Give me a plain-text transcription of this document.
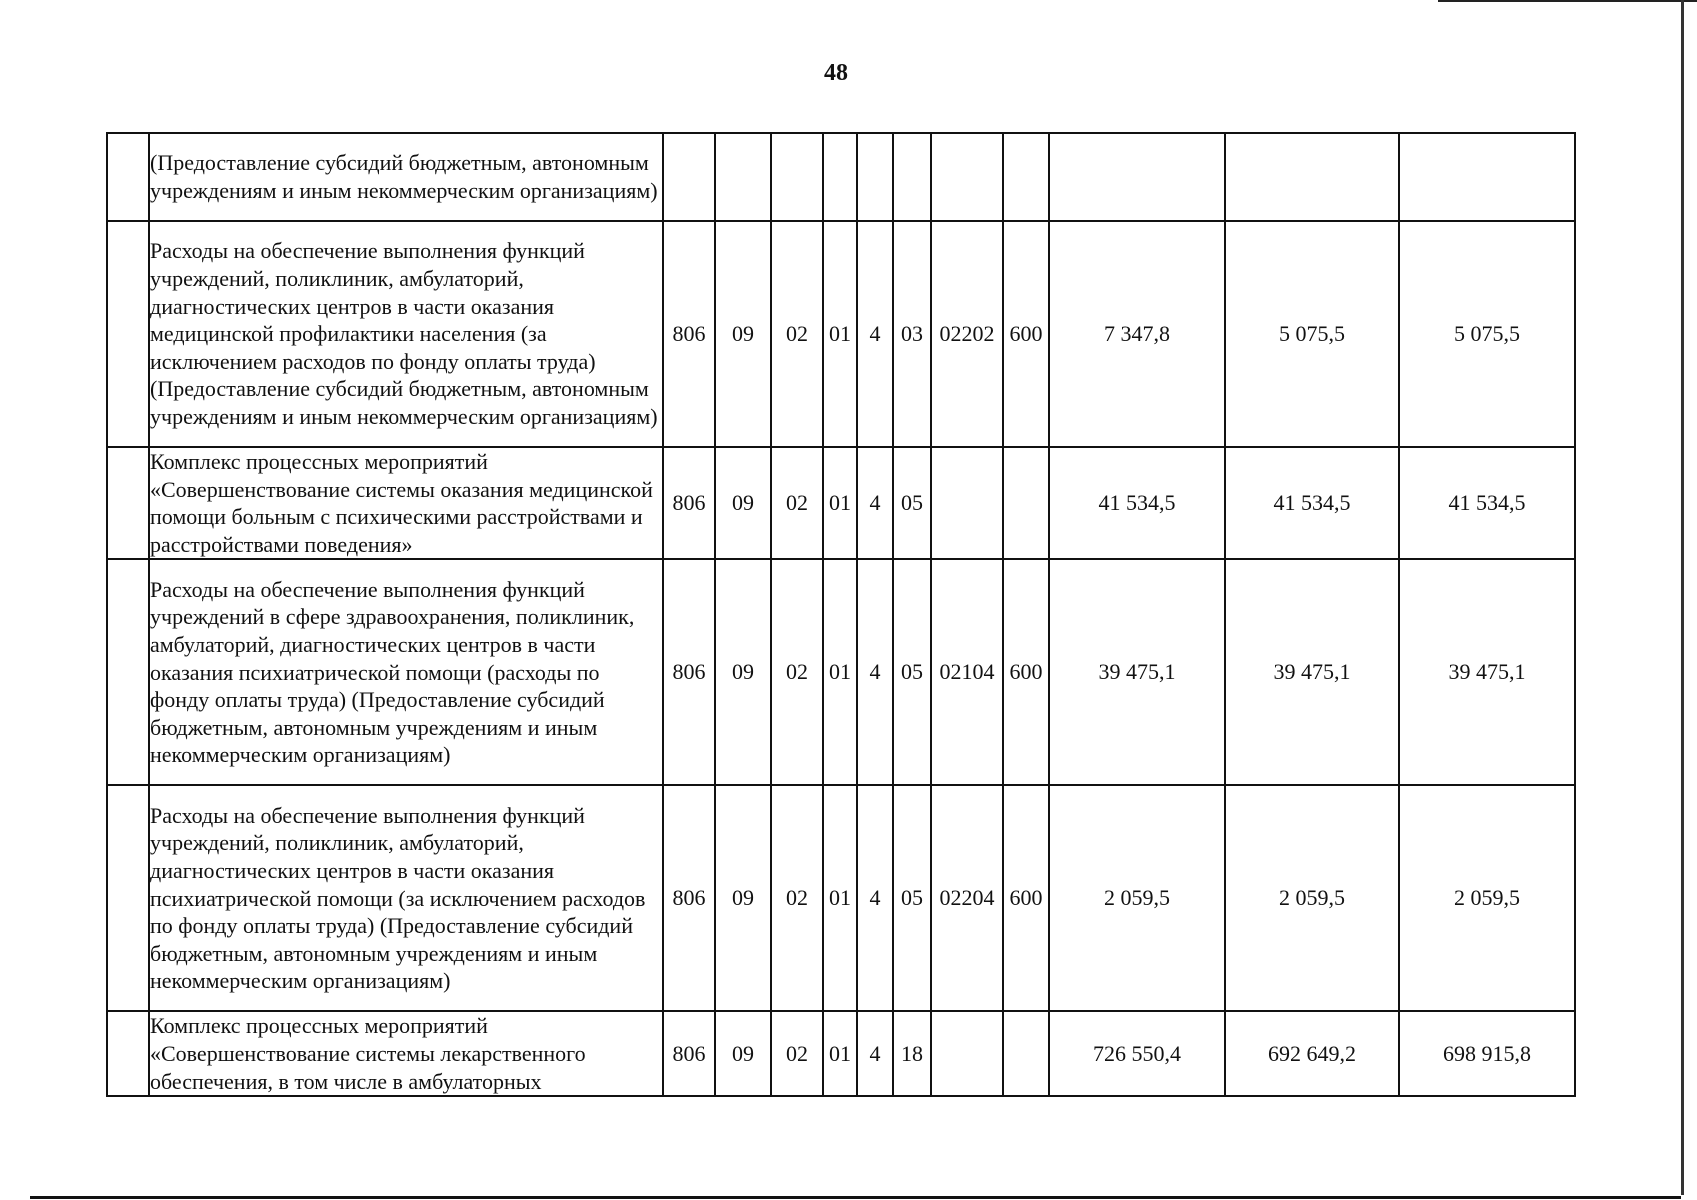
48
	(Предоставление субсидий бюджетным, автономным учреждениям и иным некоммерческим организациям)											
	Расходы на обеспечение выполнения функций учреждений, поликлиник, амбулаторий, диагностических центров в части оказания медицинской профилактики населения (за исключением расходов по фонду оплаты труда) (Предоставление субсидий бюджетным, автономным учреждениям и иным некоммерческим организациям)	806	09	02	01	4	03	02202	600	7 347,8	5 075,5	5 075,5
	Комплекс процессных мероприятий «Совершенствование системы оказания медицинской помощи больным с психическими расстройствами и расстройствами поведения»	806	09	02	01	4	05			41 534,5	41 534,5	41 534,5
	Расходы на обеспечение выполнения функций учреждений в сфере здравоохранения, поликлиник, амбулаторий, диагностических центров в части оказания психиатрической помощи (расходы по фонду оплаты труда) (Предоставление субсидий бюджетным, автономным учреждениям и иным некоммерческим организациям)	806	09	02	01	4	05	02104	600	39 475,1	39 475,1	39 475,1
	Расходы на обеспечение выполнения функций учреждений, поликлиник, амбулаторий, диагностических центров в части оказания психиатрической помощи (за исключением расходов по фонду оплаты труда) (Предоставление субсидий бюджетным, автономным учреждениям и иным некоммерческим организациям)	806	09	02	01	4	05	02204	600	2 059,5	2 059,5	2 059,5
	Комплекс процессных мероприятий «Совершенствование системы лекарственного обеспечения, в том числе в амбулаторных	806	09	02	01	4	18			726 550,4	692 649,2	698 915,8
